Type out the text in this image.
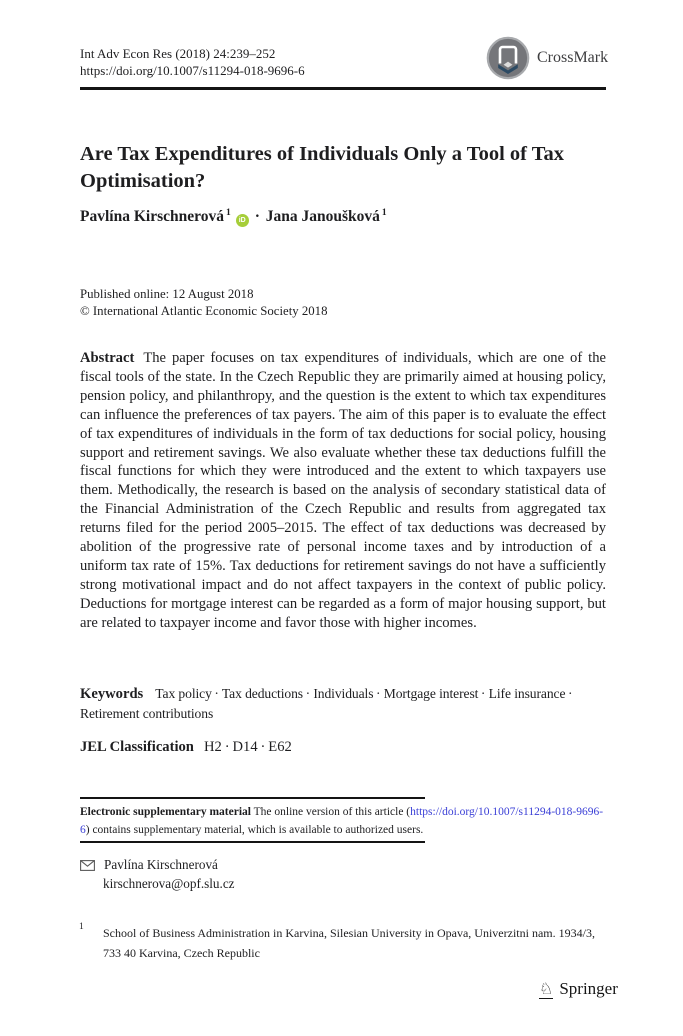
Int Adv Econ Res (2018) 24:239–252
https://doi.org/10.1007/s11294-018-9696-6
CrossMark
Are Tax Expenditures of Individuals Only a Tool of Tax Optimisation?
Pavlína Kirschnerová $^1$iD · Jana Janoušková $^1$
Published online: 12 August 2018
© International Atlantic Economic Society 2018

Abstract The paper focuses on tax expenditures of individuals, which are one of the fiscal tools of the state. In the Czech Republic they are primarily aimed at housing policy, pension policy, and philanthropy, and the question is the extent to which tax expenditures can influence the preferences of tax payers. The aim of this paper is to evaluate the effect of tax expenditures of individuals in the form of tax deductions for social policy, housing support and retirement savings. We also evaluate whether these tax deductions fulfill the fiscal functions for which they were introduced and the extent to which taxpayers use them. Methodically, the research is based on the analysis of secondary statistical data of the Financial Administration of the Czech Republic and results from aggregated tax returns filed for the period 2005–2015. The effect of tax deductions was decreased by abolition of the progressive rate of personal income taxes and by introduction of a uniform tax rate of 15%. Tax deductions for retirement savings do not have a sufficiently strong motivational impact and do not affect taxpayers in the context of public policy. Deductions for mortgage interest can be regarded as a form of major housing support, but are related to taxpayer income and favor those with higher incomes.

Keywords Tax policy · Tax deductions · Individuals · Mortgage interest · Life insurance · Retirement contributions

JEL Classification H2 · D14 · E62

Electronic supplementary material The online version of this article (https://doi.org/10.1007/s11294-018-9696-6) contains supplementary material, which is available to authorized users.

Pavlína Kirschnerová
kirschnerova@opf.slu.cz
1 School of Business Administration in Karvina, Silesian University in Opava, Univerzitni nam. 1934/3, 733 40 Karvina, Czech Republic
♘ Springer
